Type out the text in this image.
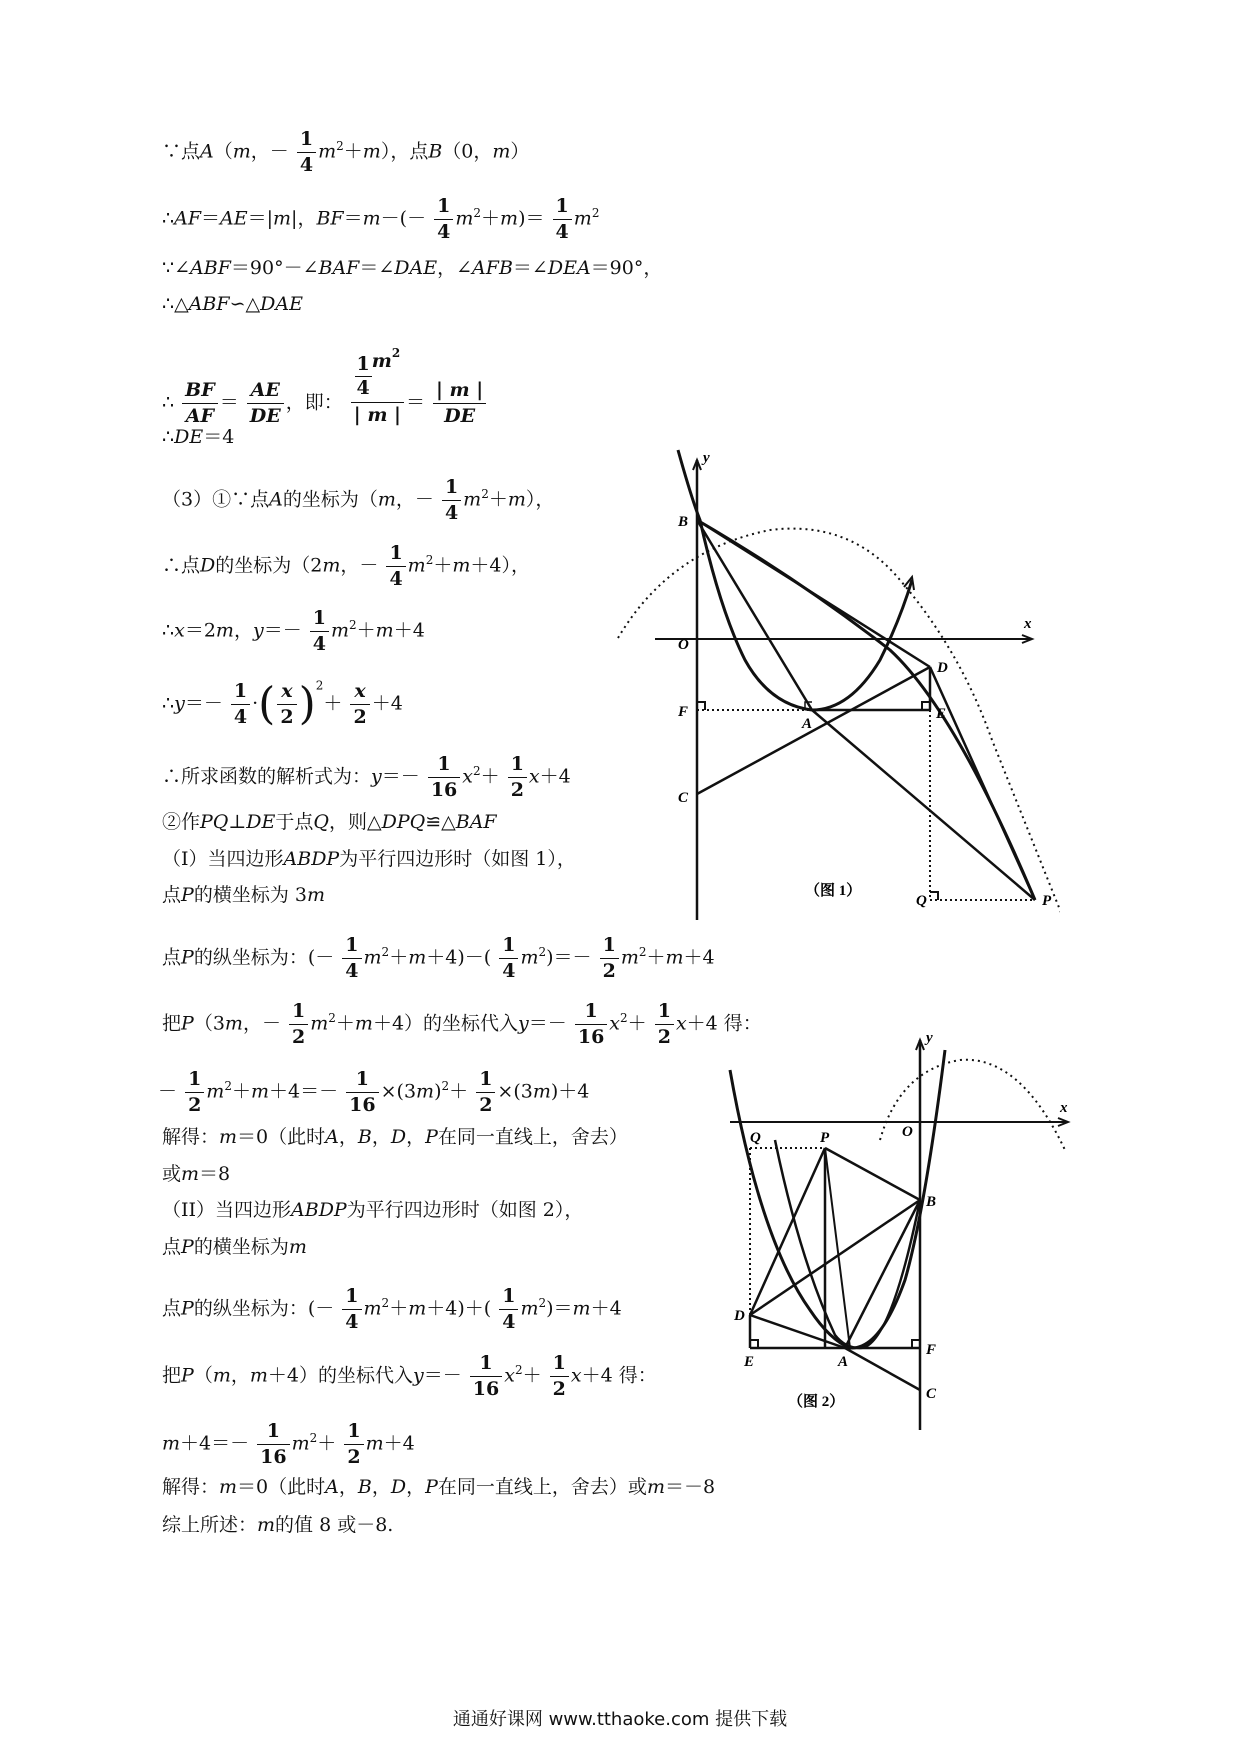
∵点A（m，－ $\frac{1}{4} m^2+m$），点B（0，m）
∴AF＝AE＝|m|，$BF=m-(- \frac{1}{4} m^2+m)= \frac{1}{4} m^2$
∵∠ABF＝90°－∠BAF＝∠DAE，∠AFB＝∠DEA＝90°，
∴△ABF∽△DAE
∴ $\frac{BF}{AF} = \frac{AE}{DE}$ ，即： $\frac{\frac{1}{4} m^2}{| m |} = \frac{| m |}{DE}$
∴DE＝4
（3）①∵点A的坐标为（m，－ $\frac{1}{4} m^2+m$），
∴点D的坐标为（2m，－ $\frac{1}{4} m^2+m+4$），
∴x＝2m，$y=- \frac{1}{4} m^2+m+4$
∴y＝－ $\frac{1}{4}$ ·( $\frac{x}{2} )^2+ \frac{x}{2} +4$
∴所求函数的解析式为：$y=- \frac{1}{16} x^2+ \frac{1}{2} x+4$
②作PQ⊥DE于点Q，则△DPQ≌△BAF
（I）当四边形ABDP为平行四边形时（如图 1），
点P的横坐标为 3m
点P的纵坐标为：(－ $\frac{1}{4} m^2+m+4)-( \frac{1}{4} m^2)=- \frac{1}{2} m^2+m+4$
把P（3m，－ $\frac{1}{2} m^2+m+4$）的坐标代入$y=- \frac{1}{16} x^2+ \frac{1}{2} x+4$ 得：
－ $\frac{1}{2} m^2+m+4=- \frac{1}{16} \times(3m)^2+ \frac{1}{2} \times(3m)+4$
解得：m＝0（此时A，B，D，P在同一直线上，舍去）
或m＝8
（II）当四边形ABDP为平行四边形时（如图 2），
点P的横坐标为m
点P的纵坐标为：(－ $\frac{1}{4} m^2+m+4)+( \frac{1}{4} m^2)=m+4$
把P（m，m＋4）的坐标代入$y=- \frac{1}{16} x^2+ \frac{1}{2} x+4$ 得：
$m+4=- \frac{1}{16} m^2+ \frac{1}{2} m+4$
解得：m＝0（此时A，B，D，P在同一直线上，舍去）或m＝－8
综上所述：m的值 8 或－8.
y
x
O
B
D
F
A
E
C
Q	P
（图 1）
y
x
O
Q	P
B
D
E	A
F
C
（图 2）
通通好课网 www.tthaoke.com 提供下载
